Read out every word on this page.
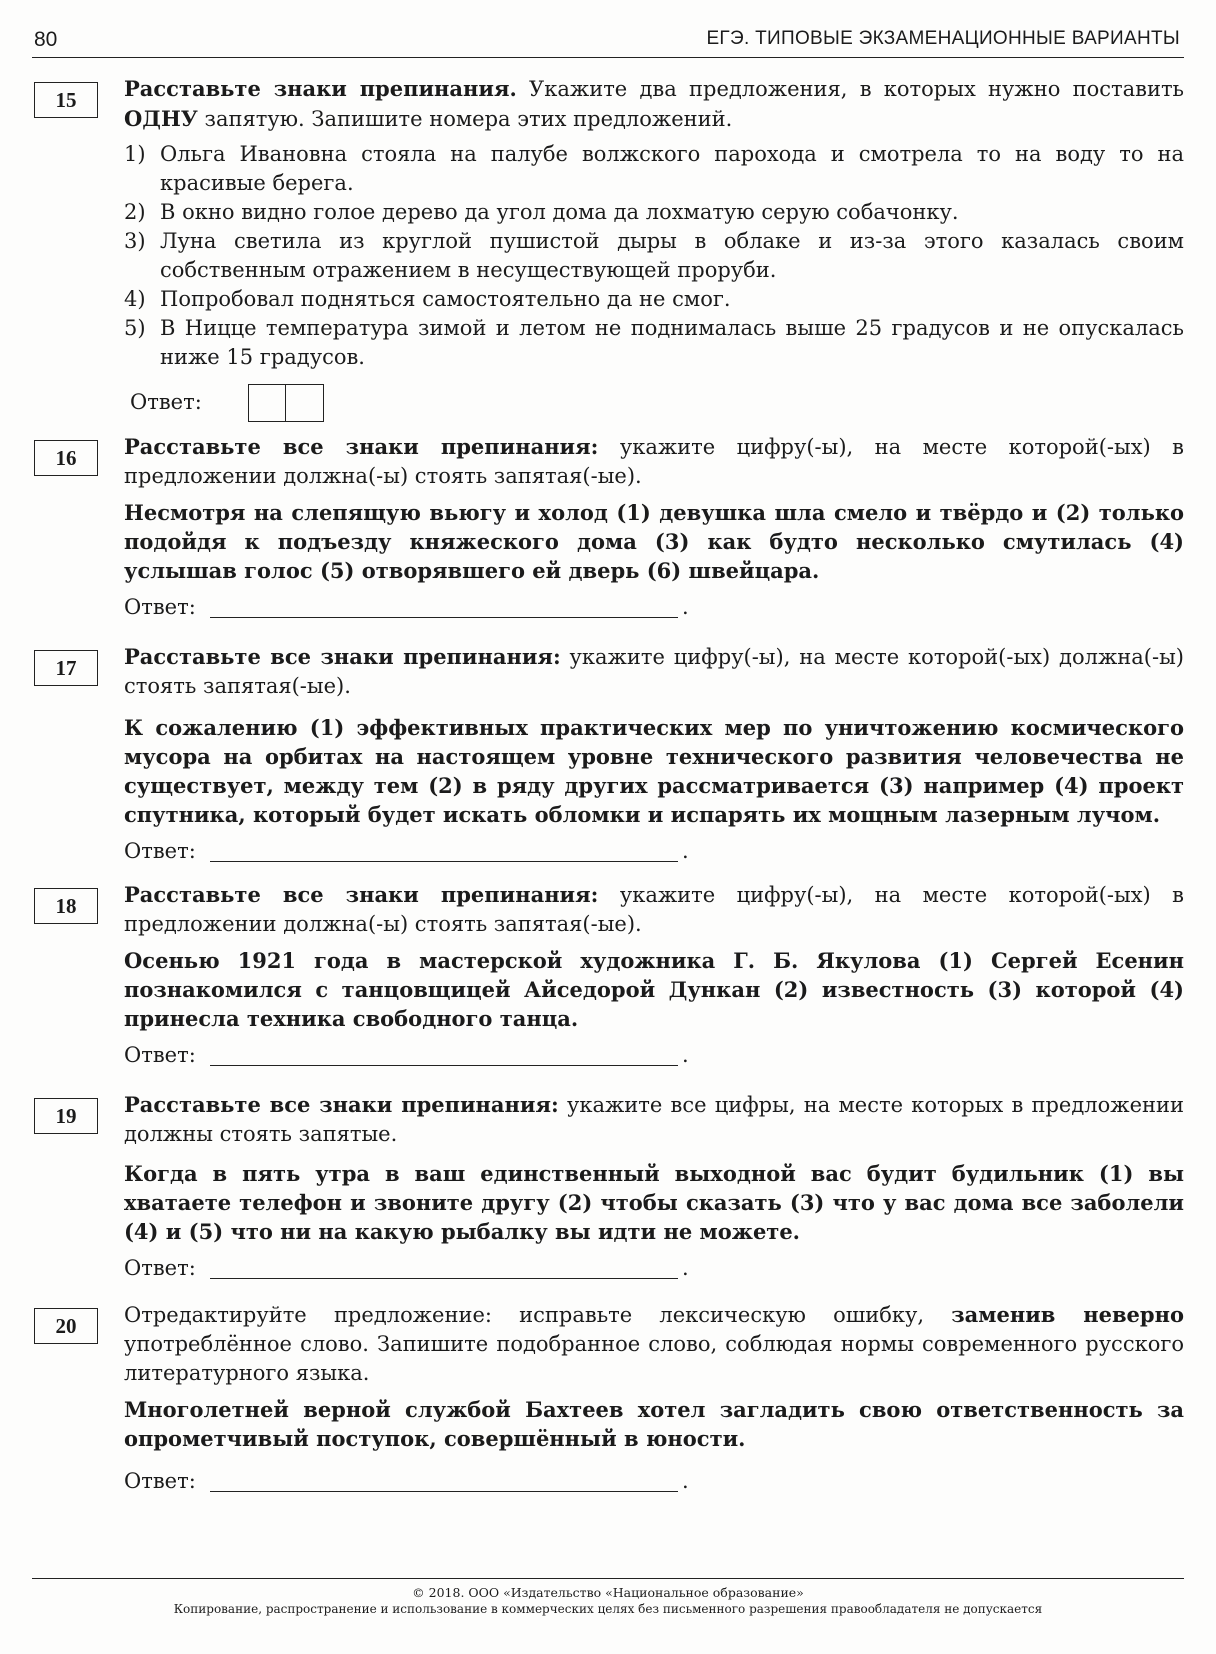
80	ЕГЭ. ТИПОВЫЕ ЭКЗАМЕНАЦИОННЫЕ ВАРИАНТЫ
15	Расставьте знаки препинания. Укажите два предложения, в которых нужно поставить ОДНУ запятую. Запишите номера этих предложений.

1) Ольга Ивановна стояла на палубе волжского парохода и смотрела то на воду то на красивые берега.
2) В окно видно голое дерево да угол дома да лохматую серую собачонку.
3) Луна светила из круглой пушистой дыры в облаке и из-за этого казалась своим собственным отражением в несуществующей проруби.
4) Попробовал подняться самостоятельно да не смог.
5) В Ницце температура зимой и летом не поднималась выше 25 градусов и не опускалась ниже 15 градусов.
Ответ:
16	Расставьте все знаки препинания: укажите цифру(-ы), на месте которой(-ых) в предложении должна(-ы) стоять запятая(-ые).

Несмотря на слепящую вьюгу и холод (1) девушка шла смело и твёрдо и (2) только подойдя к подъезду княжеского дома (3) как будто несколько смутилась (4) услышав голос (5) отворявшего ей дверь (6) швейцара.

Ответ:	.
17	Расставьте все знаки препинания: укажите цифру(-ы), на месте которой(-ых) должна(-ы) стоять запятая(-ые).

К сожалению (1) эффективных практических мер по уничтожению космического мусора на орбитах на настоящем уровне технического развития человечества не существует, между тем (2) в ряду других рассматривается (3) например (4) проект спутника, который будет искать обломки и испарять их мощным лазерным лучом.

Ответ:	.
18	Расставьте все знаки препинания: укажите цифру(-ы), на месте которой(-ых) в предложении должна(-ы) стоять запятая(-ые).

Осенью 1921 года в мастерской художника Г. Б. Якулова (1) Сергей Есенин познакомился с танцовщицей Айседорой Дункан (2) известность (3) которой (4) принесла техника свободного танца.

Ответ:	.
19	Расставьте все знаки препинания: укажите все цифры, на месте которых в предложении должны стоять запятые.

Когда в пять утра в ваш единственный выходной вас будит будильник (1) вы хватаете телефон и звоните другу (2) чтобы сказать (3) что у вас дома все заболели (4) и (5) что ни на какую рыбалку вы идти не можете.

Ответ:	.
20	Отредактируйте предложение: исправьте лексическую ошибку, заменив неверно употреблённое слово. Запишите подобранное слово, соблюдая нормы современного русского литературного языка.

Многолетней верной службой Бахтеев хотел загладить свою ответственность за опрометчивый поступок, совершённый в юности.

Ответ:	.
© 2018. ООО «Издательство «Национальное образование»
Копирование, распространение и использование в коммерческих целях без письменного разрешения правообладателя не допускается
